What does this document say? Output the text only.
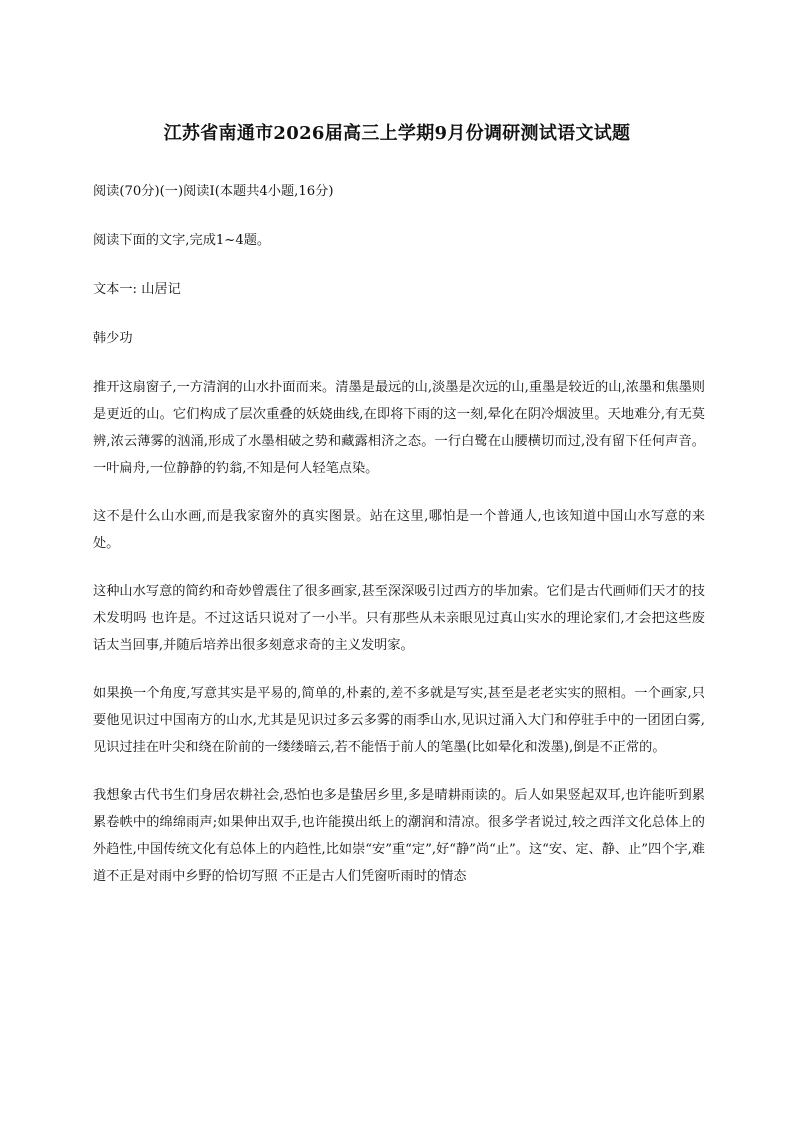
江苏省南通市2026届高三上学期9月份调研测试语文试题

阅读(70分)(一)阅读I(本题共4小题,16分)

阅读下面的文字,完成1~4题。

文本一: 山居记

韩少功

推开这扇窗子,一方清润的山水扑面而来。清墨是最远的山,淡墨是次远的山,重墨是较近的山,浓墨和焦墨则是更近的山。它们构成了层次重叠的妖娆曲线,在即将下雨的这一刻,晕化在阴冷烟波里。天地难分,有无莫辨,浓云薄雾的汹涌,形成了水墨相破之势和藏露相济之态。一行白鹭在山腰横切而过,没有留下任何声音。一叶扁舟,一位静静的钓翁,不知是何人轻笔点染。

这不是什么山水画,而是我家窗外的真实图景。站在这里,哪怕是一个普通人,也该知道中国山水写意的来处。

这种山水写意的简约和奇妙曾震住了很多画家,甚至深深吸引过西方的毕加索。它们是古代画师们天才的技术发明吗 也许是。不过这话只说对了一小半。只有那些从未亲眼见过真山实水的理论家们,才会把这些废话太当回事,并随后培养出很多刻意求奇的主义发明家。

如果换一个角度,写意其实是平易的,简单的,朴素的,差不多就是写实,甚至是老老实实的照相。一个画家,只要他见识过中国南方的山水,尤其是见识过多云多雾的雨季山水,见识过涌入大门和停驻手中的一团团白雾,见识过挂在叶尖和绕在阶前的一缕缕暗云,若不能悟于前人的笔墨(比如晕化和泼墨),倒是不正常的。

我想象古代书生们身居农耕社会,恐怕也多是蛰居乡里,多是晴耕雨读的。后人如果竖起双耳,也许能听到累累卷帙中的绵绵雨声;如果伸出双手,也许能摸出纸上的潮润和清凉。很多学者说过,较之西洋文化总体上的外趋性,中国传统文化有总体上的内趋性,比如崇“安”重“定”,好“静”尚“止”。这“安、定、静、止”四个字,难道不正是对雨中乡野的恰切写照 不正是古人们凭窗听雨时的情态
